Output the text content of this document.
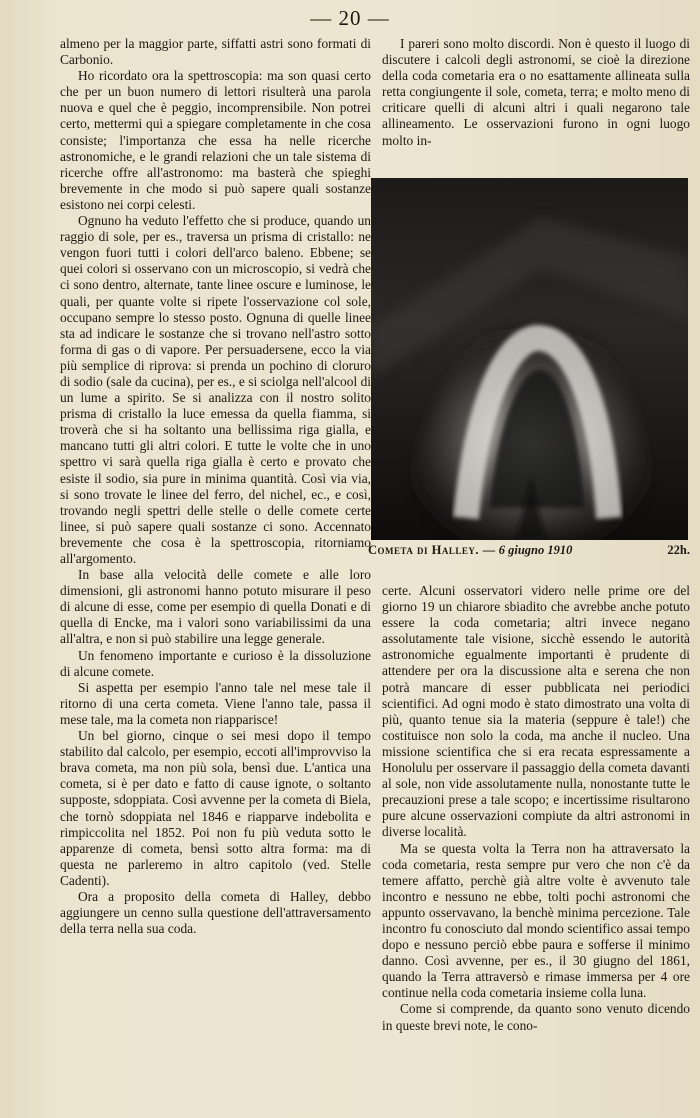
— 20 —

almeno per la maggior parte, siffatti astri sono formati di Carbonio.

Ho ricordato ora la spettroscopia: ma son quasi certo che per un buon numero di lettori risulterà una parola nuova e quel che è peggio, incomprensibile. Non potrei certo, mettermi qui a spiegare completamente in che cosa consiste; l'importanza che essa ha nelle ricerche astronomiche, e le grandi relazioni che un tale sistema di ricerche offre all'astronomo: ma basterà che spieghi brevemente in che modo si può sapere quali sostanze esistono nei corpi celesti.

Ognuno ha veduto l'effetto che si produce, quando un raggio di sole, per es., traversa un prisma di cristallo: ne vengon fuori tutti i colori dell'arco baleno. Ebbene; se quei colori si osservano con un microscopio, si vedrà che ci sono dentro, alternate, tante linee oscure e luminose, le quali, per quante volte si ripete l'osservazione col sole, occupano sempre lo stesso posto. Ognuna di quelle linee sta ad indicare le sostanze che si trovano nell'astro sotto forma di gas o di vapore. Per persuadersene, ecco la via più semplice di riprova: si prenda un pochino di cloruro di sodio (sale da cucina), per es., e si sciolga nell'alcool di un lume a spirito. Se si analizza con il nostro solito prisma di cristallo la luce emessa da quella fiamma, si troverà che si ha soltanto una bellissima riga gialla, e mancano tutti gli altri colori. E tutte le volte che in uno spettro vi sarà quella riga gialla è certo e provato che esiste il sodio, sia pure in minima quantità. Così via via, si sono trovate le linee del ferro, del nichel, ec., e così, trovando negli spettri delle stelle o delle comete certe linee, si può sapere quali sostanze ci sono. Accennato brevemente che cosa è la spettroscopia, ritorniamo all'argomento.

In base alla velocità delle comete e alle loro dimensioni, gli astronomi hanno potuto misurare il peso di alcune di esse, come per esempio di quella Donati e di quella di Encke, ma i valori sono variabilissimi da una all'altra, e non si può stabilire una legge generale.

Un fenomeno importante e curioso è la dissoluzione di alcune comete.

Si aspetta per esempio l'anno tale nel mese tale il ritorno di una certa cometa. Viene l'anno tale, passa il mese tale, ma la cometa non riapparisce!

Un bel giorno, cinque o sei mesi dopo il tempo stabilito dal calcolo, per esempio, eccoti all'improvviso la brava cometa, ma non più sola, bensì due. L'antica una cometa, si è per dato e fatto di cause ignote, o soltanto supposte, sdoppiata. Così avvenne per la cometa di Biela, che tornò sdoppiata nel 1846 e riapparve indebolita e rimpiccolita nel 1852. Poi non fu più veduta sotto le apparenze di cometa, bensì sotto altra forma: ma di questa ne parleremo in altro capitolo (ved. Stelle Cadenti).

Ora a proposito della cometa di Halley, debbo aggiungere un cenno sulla questione dell'attraversamento della terra nella sua coda.

I pareri sono molto discordi. Non è questo il luogo di discutere i calcoli degli astronomi, se cioè la direzione della coda cometaria era o no esattamente allineata sulla retta congiungente il sole, cometa, terra; e molto meno di criticare quelli di alcuni altri i quali negarono tale allineamento. Le osservazioni furono in ogni luogo molto in-

Cometa di Halley. — 6 giugno 1910	22h.

certe. Alcuni osservatori videro nelle prime ore del giorno 19 un chiarore sbiadito che avrebbe anche potuto essere la coda cometaria; altri invece negano assolutamente tale visione, sicchè essendo le autorità astronomiche egualmente importanti è prudente di attendere per ora la discussione alta e serena che non potrà mancare di esser pubblicata nei periodici scientifici. Ad ogni modo è stato dimostrato una volta di più, quanto tenue sia la materia (seppure è tale!) che costituisce non solo la coda, ma anche il nucleo. Una missione scientifica che si era recata espressamente a Honolulu per osservare il passaggio della cometa davanti al sole, non vide assolutamente nulla, nonostante tutte le precauzioni prese a tale scopo; e incertissime risultarono pure alcune osservazioni compiute da altri astronomi in diverse località.

Ma se questa volta la Terra non ha attraversato la coda cometaria, resta sempre pur vero che non c'è da temere affatto, perchè già altre volte è avvenuto tale incontro e nessuno ne ebbe, tolti pochi astronomi che appunto osservavano, la benchè minima percezione. Tale incontro fu conosciuto dal mondo scientifico assai tempo dopo e nessuno perciò ebbe paura e sofferse il minimo danno. Così avvenne, per es., il 30 giugno del 1861, quando la Terra attraversò e rimase immersa per 4 ore continue nella coda cometaria insieme colla luna.

Come si comprende, da quanto sono venuto dicendo in queste brevi note, le cono-
